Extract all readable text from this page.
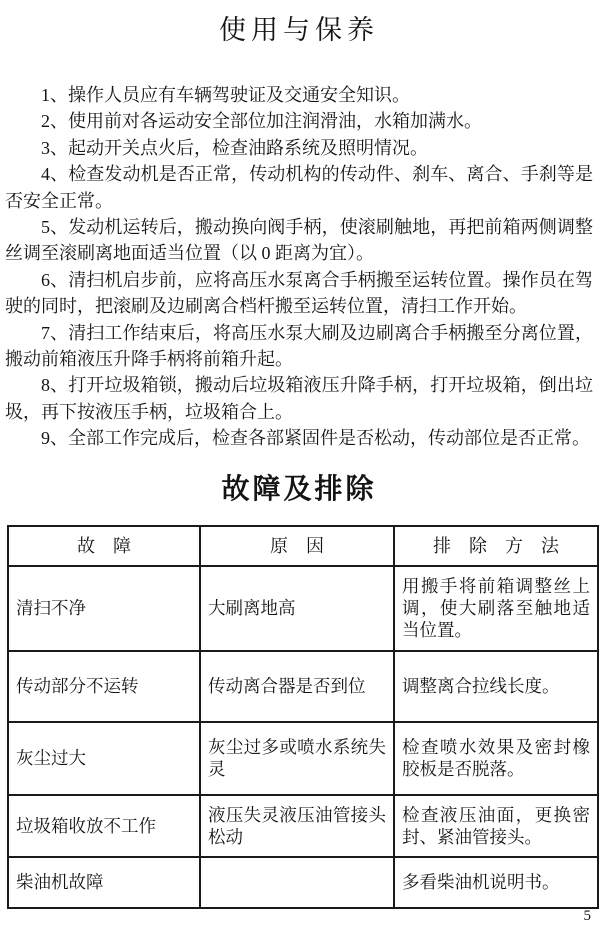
使用与保养

1、操作人员应有车辆驾驶证及交通安全知识。

2、使用前对各运动安全部位加注润滑油，水箱加满水。

3、起动开关点火后，检查油路系统及照明情况。

4、检查发动机是否正常，传动机构的传动件、刹车、离合、手刹等是否安全正常。

5、发动机运转后，搬动换向阀手柄，使滚刷触地，再把前箱两侧调整丝调至滚刷离地面适当位置（以 0 距离为宜）。

6、清扫机启步前，应将高压水泵离合手柄搬至运转位置。操作员在驾驶的同时，把滚刷及边刷离合档杆搬至运转位置，清扫工作开始。

7、清扫工作结束后，将高压水泵大刷及边刷离合手柄搬至分离位置，搬动前箱液压升降手柄将前箱升起。

8、打开垃圾箱锁，搬动后垃圾箱液压升降手柄，打开垃圾箱，倒出垃圾，再下按液压手柄，垃圾箱合上。

9、全部工作完成后，检查各部紧固件是否松动，传动部位是否正常。

故障及排除
故　障	原　因	排　除　方　法
清扫不净	大刷离地高	用搬手将前箱调整丝上调，使大刷落至触地适当位置。
传动部分不运转	传动离合器是否到位	调整离合拉线长度。
灰尘过大	灰尘过多或喷水系统失灵	检查喷水效果及密封橡胶板是否脱落。
垃圾箱收放不工作	液压失灵液压油管接头松动	检查液压油面，更换密封、紧油管接头。
柴油机故障		多看柴油机说明书。
5
